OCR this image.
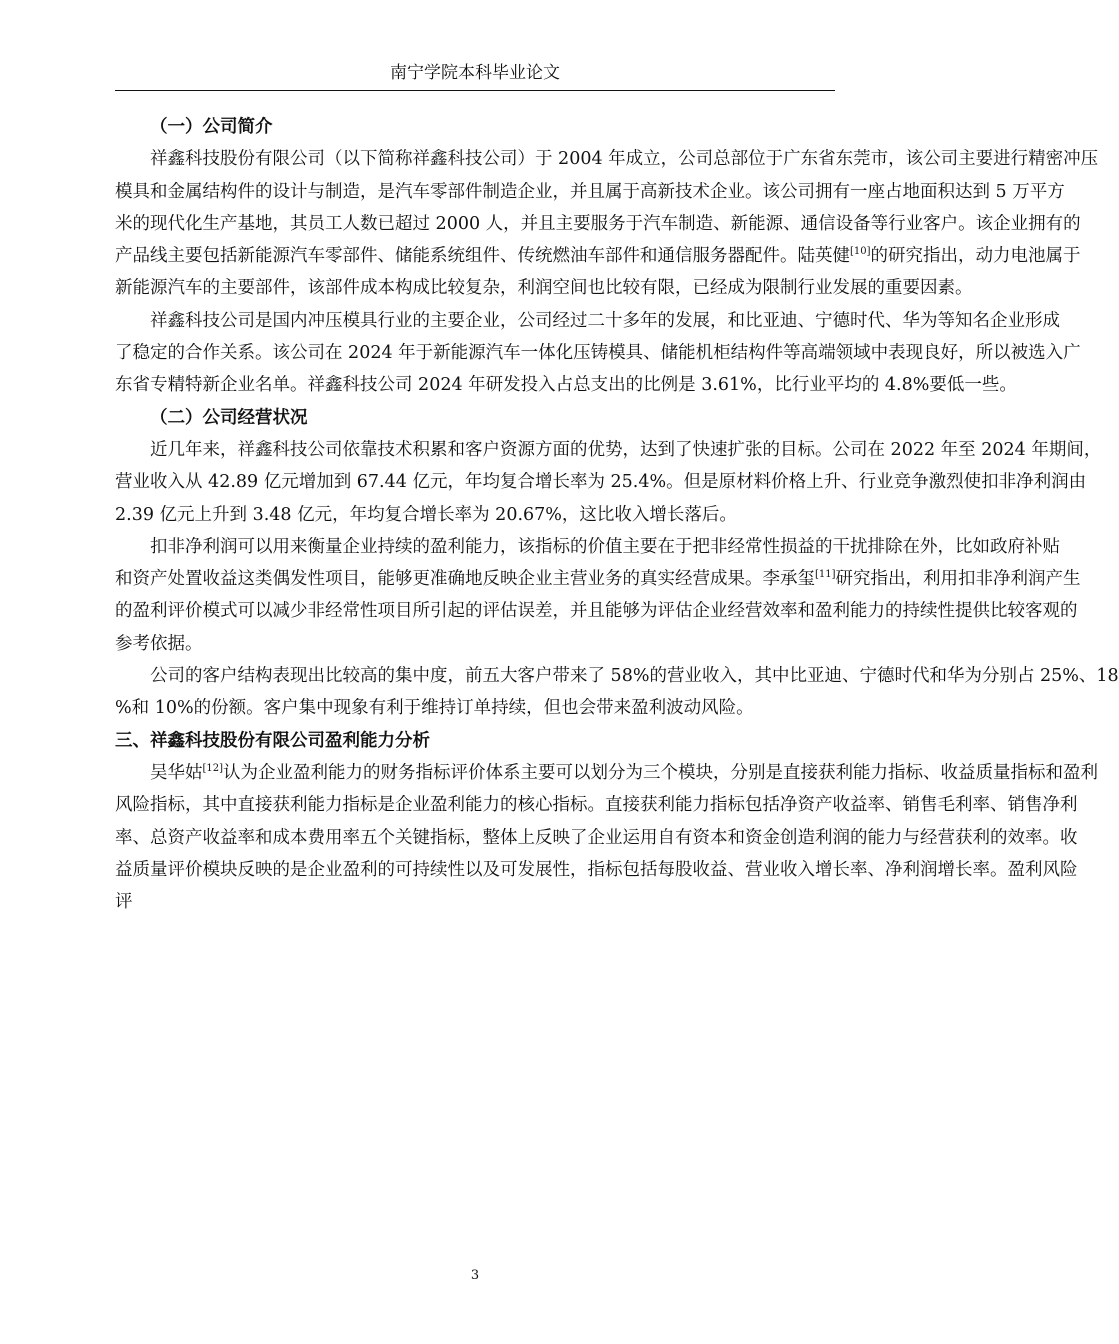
南宁学院本科毕业论文
（一）公司简介

祥鑫科技股份有限公司（以下简称祥鑫科技公司）于 2004 年成立，公司总部位于广东省东莞市，该公司主要进行精密冲压
模具和金属结构件的设计与制造，是汽车零部件制造企业，并且属于高新技术企业。该公司拥有一座占地面积达到 5 万平方
米的现代化生产基地，其员工人数已超过 2000 人，并且主要服务于汽车制造、新能源、通信设备等行业客户。该企业拥有的
产品线主要包括新能源汽车零部件、储能系统组件、传统燃油车部件和通信服务器配件。陆英健[10]的研究指出，动力电池属于
新能源汽车的主要部件，该部件成本构成比较复杂，利润空间也比较有限，已经成为限制行业发展的重要因素。

祥鑫科技公司是国内冲压模具行业的主要企业，公司经过二十多年的发展，和比亚迪、宁德时代、华为等知名企业形成
了稳定的合作关系。该公司在 2024 年于新能源汽车一体化压铸模具、储能机柜结构件等高端领域中表现良好，所以被选入广
东省专精特新企业名单。祥鑫科技公司 2024 年研发投入占总支出的比例是 3.61%，比行业平均的 4.8%要低一些。

（二）公司经营状况

近几年来，祥鑫科技公司依靠技术积累和客户资源方面的优势，达到了快速扩张的目标。公司在 2022 年至 2024 年期间，
营业收入从 42.89 亿元增加到 67.44 亿元，年均复合增长率为 25.4%。但是原材料价格上升、行业竞争激烈使扣非净利润由
2.39 亿元上升到 3.48 亿元，年均复合增长率为 20.67%，这比收入增长落后。

扣非净利润可以用来衡量企业持续的盈利能力，该指标的价值主要在于把非经常性损益的干扰排除在外，比如政府补贴
和资产处置收益这类偶发性项目，能够更准确地反映企业主营业务的真实经营成果。李承玺[11]研究指出，利用扣非净利润产生
的盈利评价模式可以减少非经常性项目所引起的评估误差，并且能够为评估企业经营效率和盈利能力的持续性提供比较客观的
参考依据。

公司的客户结构表现出比较高的集中度，前五大客户带来了 58%的营业收入，其中比亚迪、宁德时代和华为分别占 25%、18
%和 10%的份额。客户集中现象有利于维持订单持续，但也会带来盈利波动风险。

三、祥鑫科技股份有限公司盈利能力分析

吴华姑[12]认为企业盈利能力的财务指标评价体系主要可以划分为三个模块，分别是直接获利能力指标、收益质量指标和盈利
风险指标，其中直接获利能力指标是企业盈利能力的核心指标。直接获利能力指标包括净资产收益率、销售毛利率、销售净利
率、总资产收益率和成本费用率五个关键指标，整体上反映了企业运用自有资本和资金创造利润的能力与经营获利的效率。收
益质量评价模块反映的是企业盈利的可持续性以及可发展性，指标包括每股收益、营业收入增长率、净利润增长率。盈利风险
评

3
